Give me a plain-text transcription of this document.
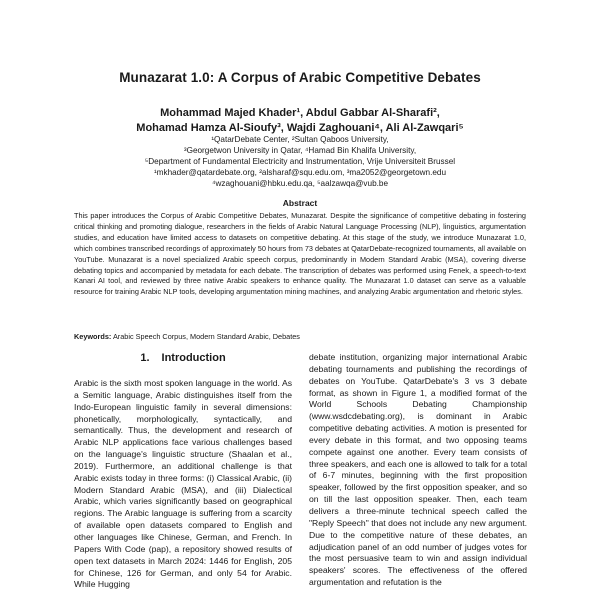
Munazarat 1.0: A Corpus of Arabic Competitive Debates
Mohammad Majed Khader¹, Abdul Gabbar Al-Sharafi²,
Mohamad Hamza Al-Sioufy³, Wajdi Zaghouani⁴, Ali Al-Zawqari⁵
¹QatarDebate Center, ²Sultan Qaboos University,
³Georgetwon University in Qatar, ⁴Hamad Bin Khalifa University,
⁵Department of Fundamental Electricity and Instrumentation, Vrije Universiteit Brussel
¹mkhader@qatardebate.org, ²alsharaf@squ.edu.om, ³ma2052@georgetown.edu
⁴wzaghouani@hbku.edu.qa, ⁵aalzawqa@vub.be
Abstract
This paper introduces the Corpus of Arabic Competitive Debates, Munazarat. Despite the significance of competitive debating in fostering critical thinking and promoting dialogue, researchers in the fields of Arabic Natural Language Processing (NLP), linguistics, argumentation studies, and education have limited access to datasets on competitive debating. At this stage of the study, we introduce Munazarat 1.0, which combines transcribed recordings of approximately 50 hours from 73 debates at QatarDebate-recognized tournaments, all available on YouTube. Munazarat is a novel specialized Arabic speech corpus, predominantly in Modern Standard Arabic (MSA), covering diverse debating topics and accompanied by metadata for each debate. The transcription of debates was performed using Fenek, a speech-to-text Kanari AI tool, and reviewed by three native Arabic speakers to enhance quality. The Munazarat 1.0 dataset can serve as a valuable resource for training Arabic NLP tools, developing argumentation mining machines, and analyzing Arabic argumentation and rhetoric styles.
Keywords: Arabic Speech Corpus, Modern Standard Arabic, Debates
1. Introduction
Arabic is the sixth most spoken language in the world. As a Semitic language, Arabic distinguishes itself from the Indo-European linguistic family in several dimensions: phonetically, morphologically, syntactically, and semantically. Thus, the development and research of Arabic NLP applications face various challenges based on the language's linguistic structure (Shaalan et al., 2019). Furthermore, an additional challenge is that Arabic exists today in three forms: (i) Classical Arabic, (ii) Modern Standard Arabic (MSA), and (iii) Dialectical Arabic, which varies significantly based on geographical regions. The Arabic language is suffering from a scarcity of available open datasets compared to English and other languages like Chinese, German, and French. In Papers With Code (pap), a repository showed results of open text datasets in March 2024: 1446 for English, 205 for Chinese, 126 for German, and only 54 for Arabic. While Hugging
debate institution, organizing major international Arabic debating tournaments and publishing the recordings of debates on YouTube. QatarDebate's 3 vs 3 debate format, as shown in Figure 1, a modified format of the World Schools Debating Championship (www.wsdcdebating.org), is dominant in Arabic competitive debating activities. A motion is presented for every debate in this format, and two opposing teams compete against one another. Every team consists of three speakers, and each one is allowed to talk for a total of 6-7 minutes, beginning with the first proposition speaker, followed by the first opposition speaker, and so on till the last opposition speaker. Then, each team delivers a three-minute technical speech called the "Reply Speech" that does not include any new argument. Due to the competitive nature of these debates, an adjudication panel of an odd number of judges votes for the most persuasive team to win and assign individual speakers' scores. The effectiveness of the offered argumentation and refutation is the
